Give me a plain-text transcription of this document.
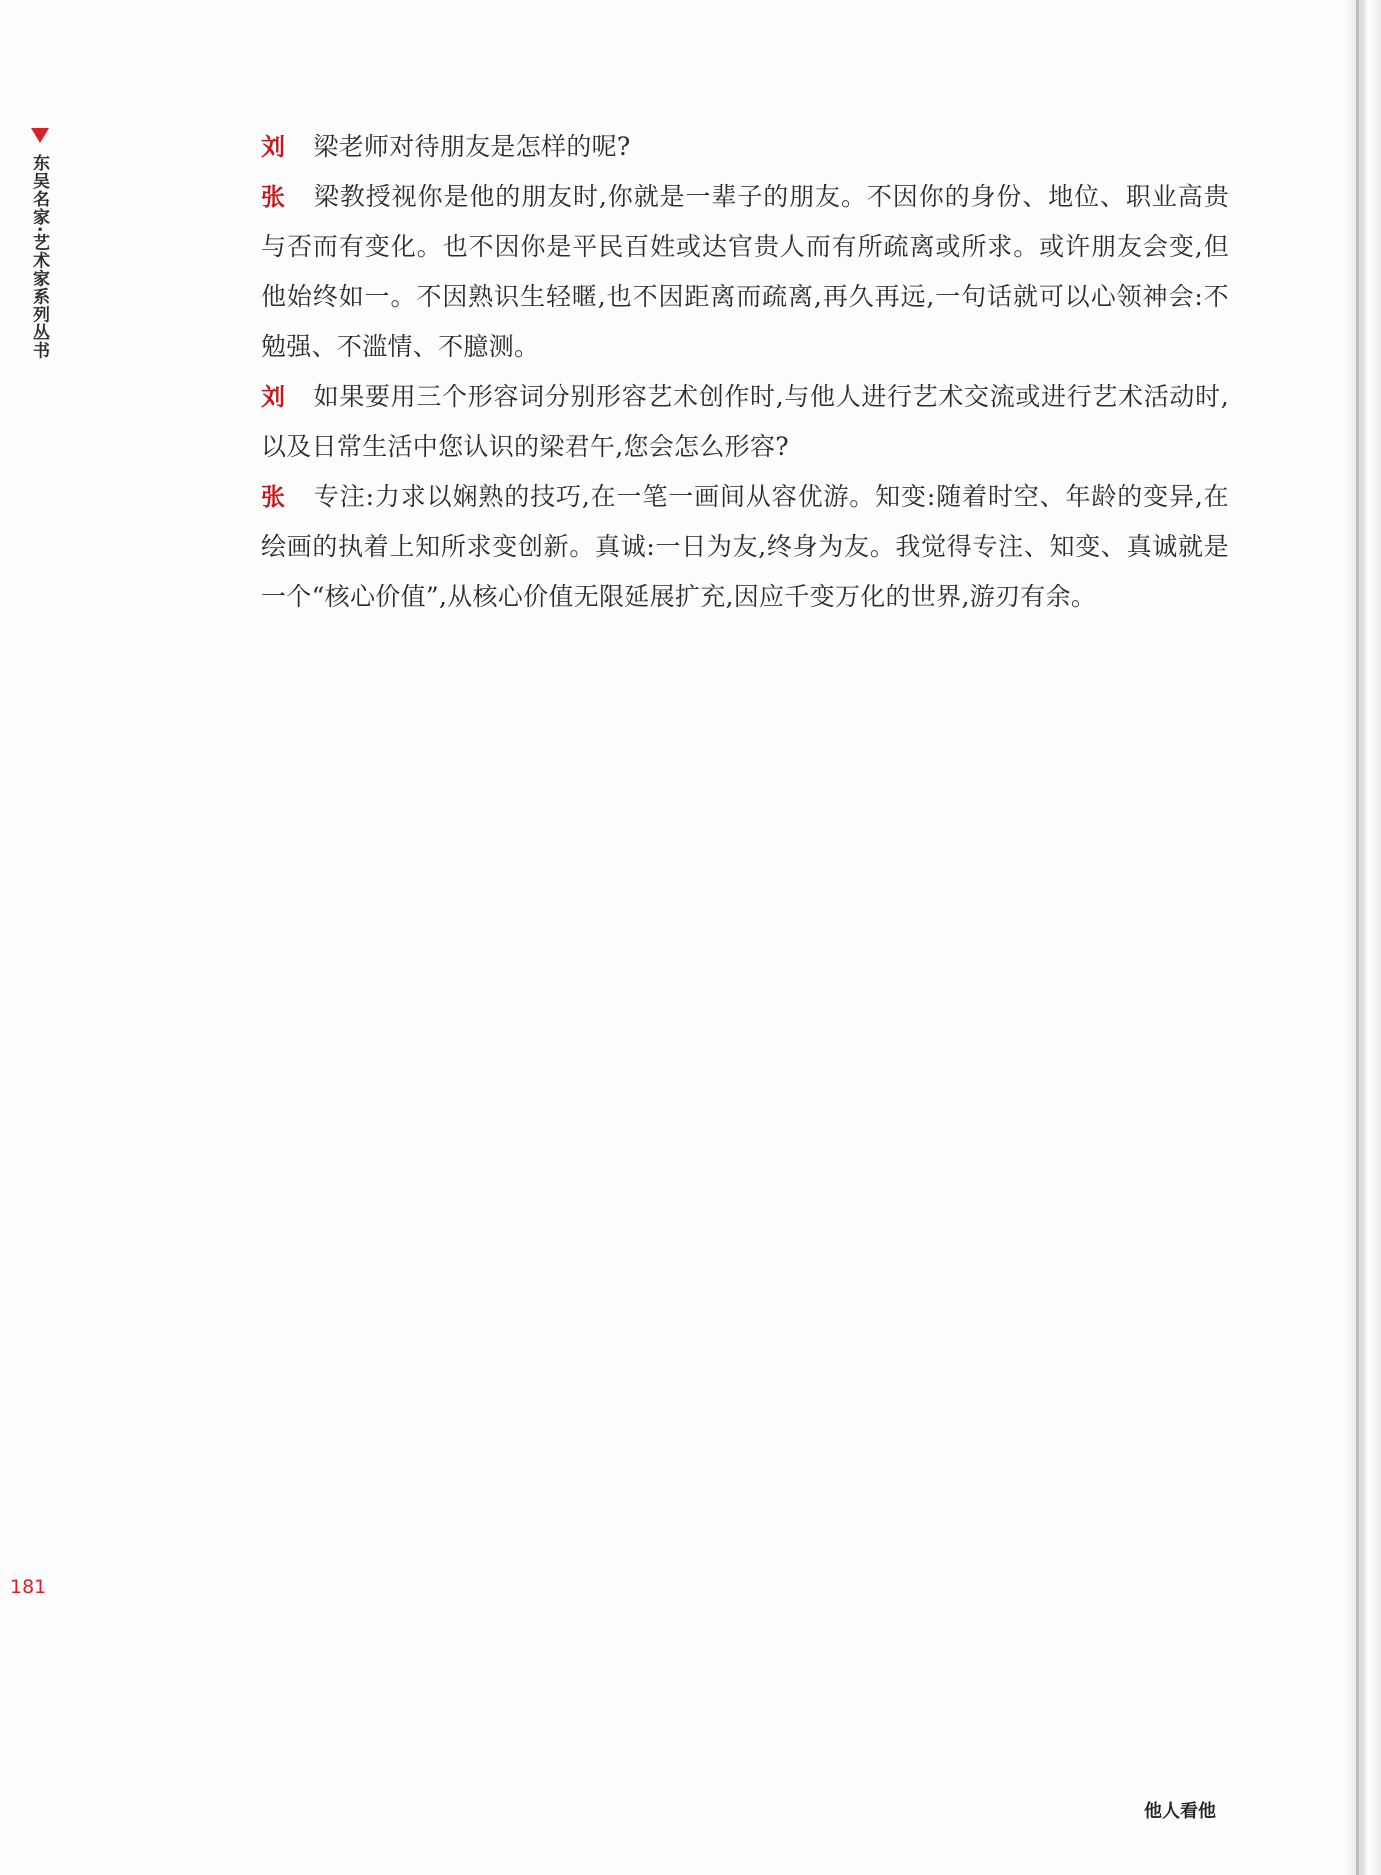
东吴名家·艺术家系列丛书

刘 梁老师对待朋友是怎样的呢?

张 梁教授视你是他的朋友时,你就是一辈子的朋友。不因你的身份、地位、职业高贵与否而有变化。也不因你是平民百姓或达官贵人而有所疏离或所求。或许朋友会变,但他始终如一。不因熟识生轻暱,也不因距离而疏离,再久再远,一句话就可以心领神会:不勉强、不滥情、不臆测。

刘 如果要用三个形容词分别形容艺术创作时,与他人进行艺术交流或进行艺术活动时,以及日常生活中您认识的梁君午,您会怎么形容?

张 专注:力求以娴熟的技巧,在一笔一画间从容优游。知变:随着时空、年龄的变异,在绘画的执着上知所求变创新。真诚:一日为友,终身为友。我觉得专注、知变、真诚就是一个“核心价值”,从核心价值无限延展扩充,因应千变万化的世界,游刃有余。

181
他人看他
